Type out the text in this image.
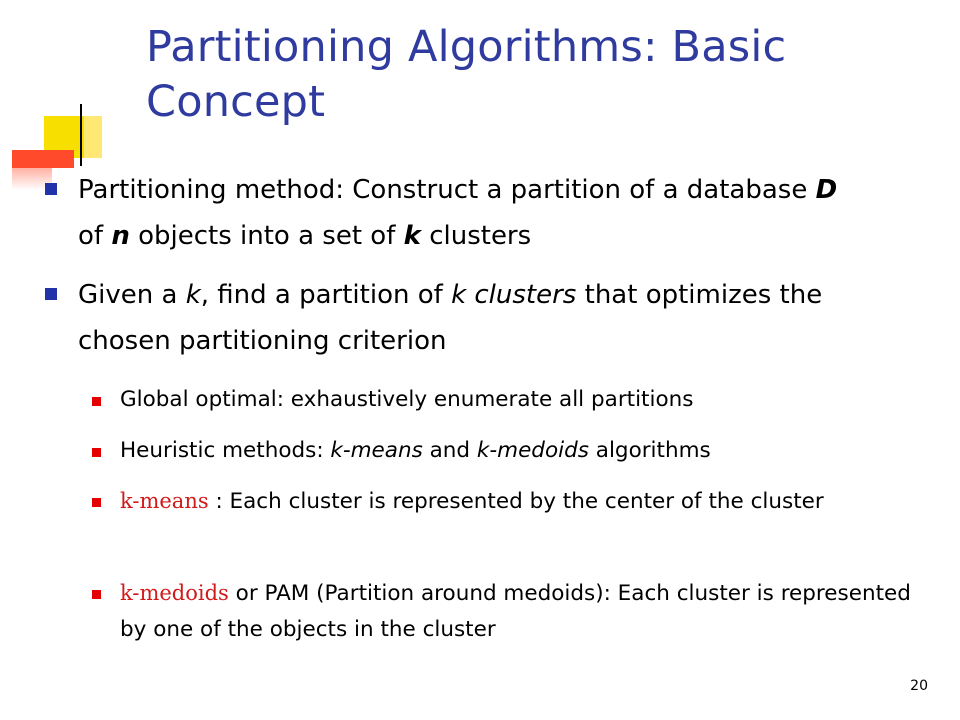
Partitioning Algorithms: Basic Concept
Partitioning method: Construct a partition of a database D of n objects into a set of k clusters
Given a k, find a partition of k clusters that optimizes the chosen partitioning criterion
Global optimal: exhaustively enumerate all partitions
Heuristic methods: k-means and k-medoids algorithms
k-means : Each cluster is represented by the center of the cluster
k-medoids or PAM (Partition around medoids): Each cluster is represented by one of the objects in the cluster
20
